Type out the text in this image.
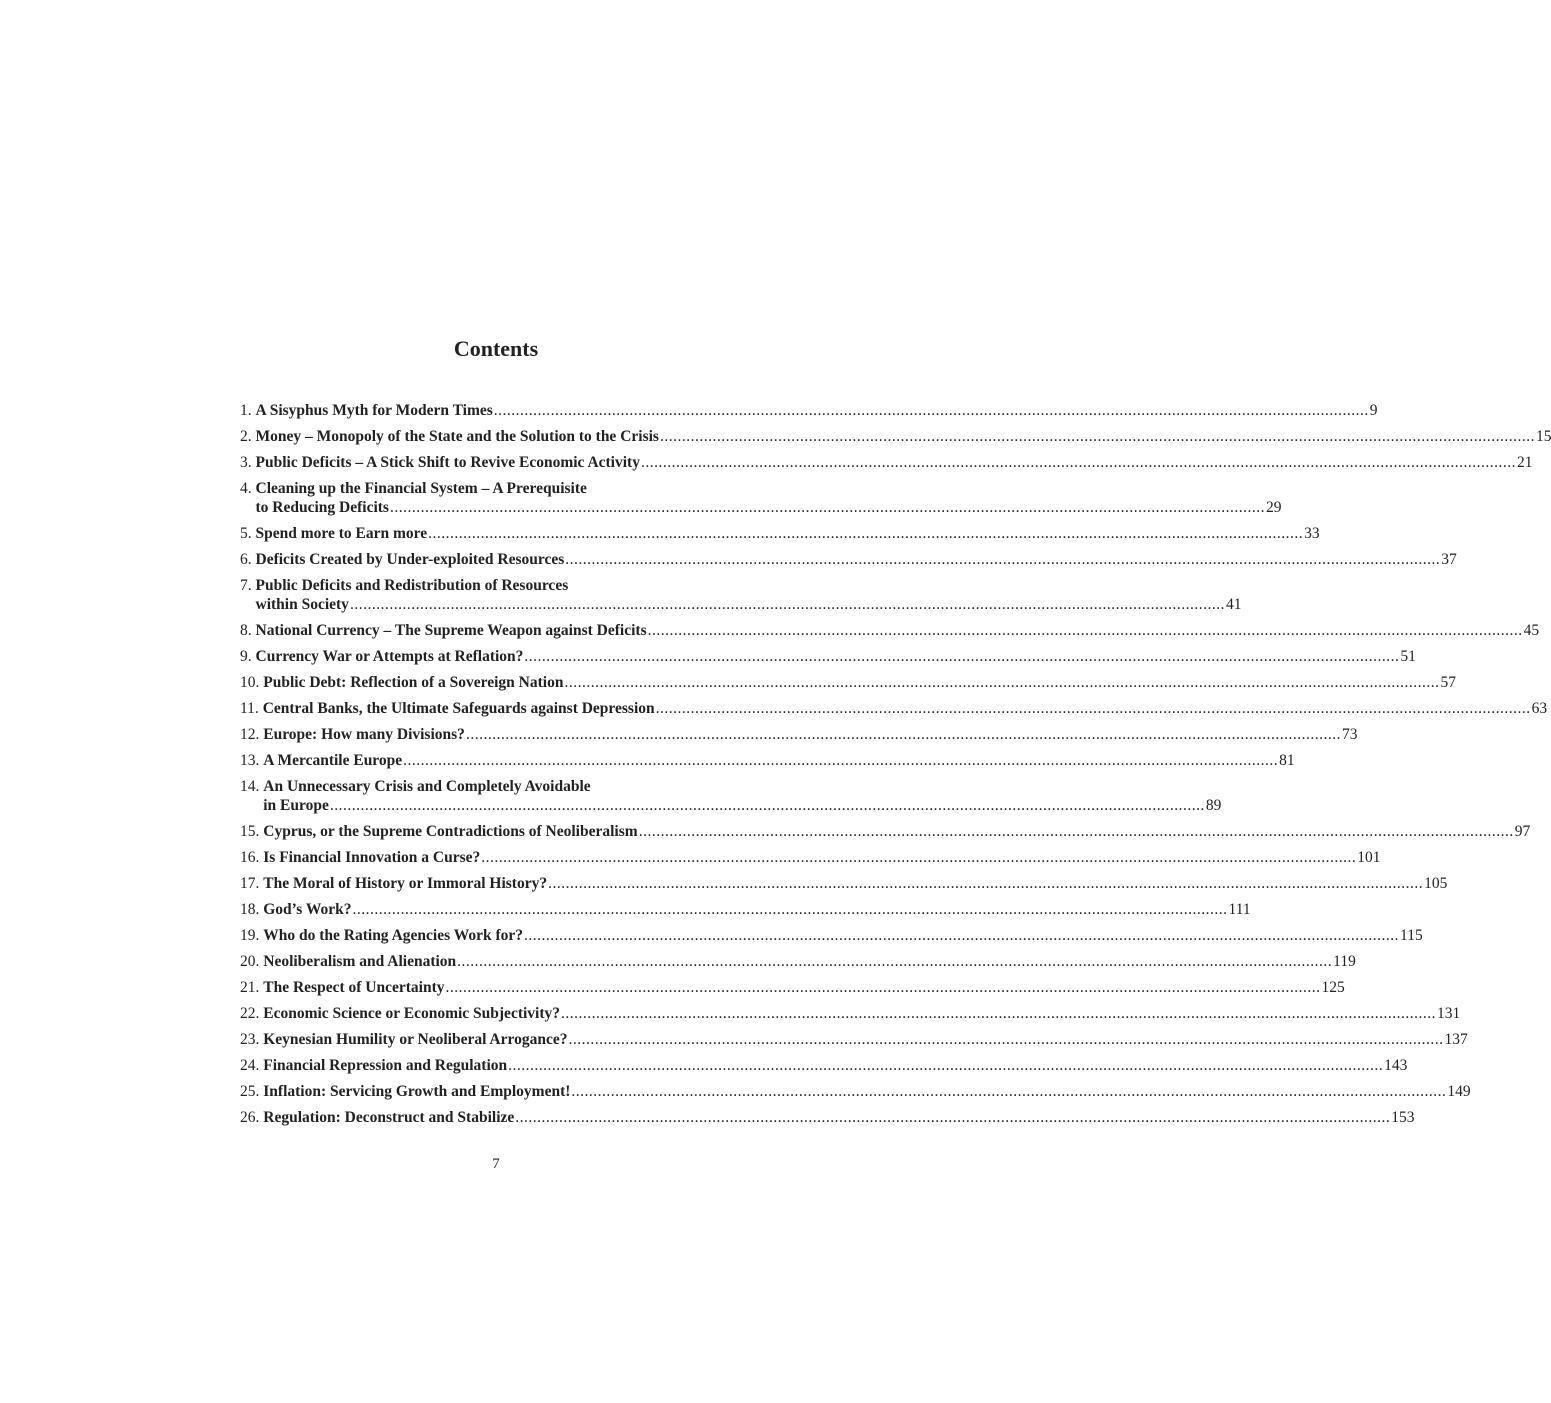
Contents
1.
A Sisyphus Myth for Modern Times ........................................................................................................................................................................................................ 9
2.
Money – Monopoly of the State and the Solution to the Crisis ........................................................................................................................................................................................................ 15
3.
Public Deficits – A Stick Shift to Revive Economic Activity ........................................................................................................................................................................................................ 21
4.
Cleaning up the Financial System – A Prerequisite
to Reducing Deficits ........................................................................................................................................................................................................ 29
5.
Spend more to Earn more ........................................................................................................................................................................................................ 33
6.
Deficits Created by Under-exploited Resources ........................................................................................................................................................................................................ 37
7.
Public Deficits and Redistribution of Resources
within Society ........................................................................................................................................................................................................ 41
8.
National Currency – The Supreme Weapon against Deficits ........................................................................................................................................................................................................ 45
9.
Currency War or Attempts at Reflation? ........................................................................................................................................................................................................ 51
10.
Public Debt: Reflection of a Sovereign Nation ........................................................................................................................................................................................................ 57
11.
Central Banks, the Ultimate Safeguards against Depression ........................................................................................................................................................................................................ 63
12.
Europe: How many Divisions? ........................................................................................................................................................................................................ 73
13.
A Mercantile Europe ........................................................................................................................................................................................................ 81
14.
An Unnecessary Crisis and Completely Avoidable
in Europe ........................................................................................................................................................................................................ 89
15.
Cyprus, or the Supreme Contradictions of Neoliberalism ........................................................................................................................................................................................................ 97
16.
Is Financial Innovation a Curse? ........................................................................................................................................................................................................ 101
17.
The Moral of History or Immoral History? ........................................................................................................................................................................................................ 105
18.
God’s Work? ........................................................................................................................................................................................................ 111
19.
Who do the Rating Agencies Work for? ........................................................................................................................................................................................................ 115
20.
Neoliberalism and Alienation ........................................................................................................................................................................................................ 119
21.
The Respect of Uncertainty ........................................................................................................................................................................................................ 125
22.
Economic Science or Economic Subjectivity? ........................................................................................................................................................................................................ 131
23.
Keynesian Humility or Neoliberal Arrogance? ........................................................................................................................................................................................................ 137
24.
Financial Repression and Regulation ........................................................................................................................................................................................................ 143
25.
Inflation: Servicing Growth and Employment! ........................................................................................................................................................................................................ 149
26.
Regulation: Deconstruct and Stabilize ........................................................................................................................................................................................................ 153
7
